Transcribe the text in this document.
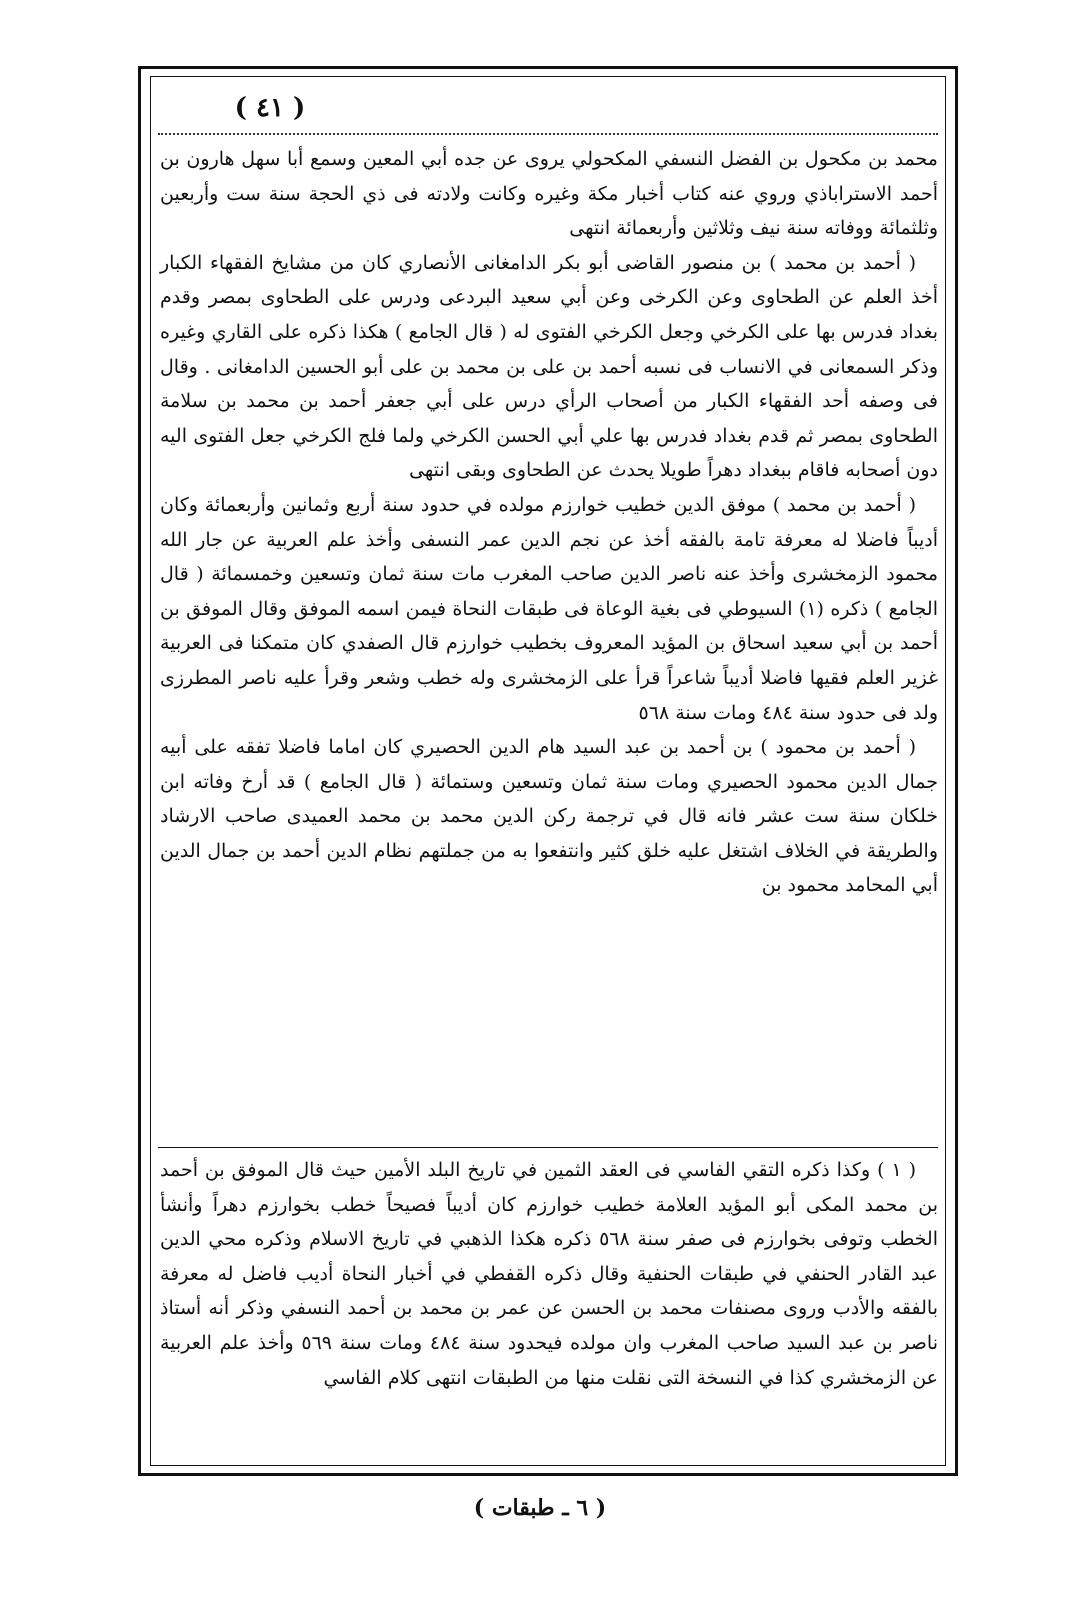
( ٤١ )

محمد بن مكحول بن الفضل النسفي المكحولي يروى عن جده أبي المعين وسمع أبا سهل هارون بن أحمد الاستراباذي وروي عنه كتاب أخبار مكة وغيره وكانت ولادته فى ذي الحجة سنة ست وأربعين وثلثمائة ووفاته سنة نيف وثلاثين وأربعمائة انتهى

( أحمد بن محمد ) بن منصور القاضى أبو بكر الدامغانى الأنصاري كان من مشايخ الفقهاء الكبار أخذ العلم عن الطحاوى وعن الكرخى وعن أبي سعيد البردعى ودرس على الطحاوى بمصر وقدم بغداد فدرس بها على الكرخي وجعل الكرخي الفتوى له ( قال الجامع ) هكذا ذكره على القاري وغيره وذكر السمعانى في الانساب فى نسبه أحمد بن على بن محمد بن على أبو الحسين الدامغانى . وقال فى وصفه أحد الفقهاء الكبار من أصحاب الرأي درس على أبي جعفر أحمد بن محمد بن سلامة الطحاوى بمصر ثم قدم بغداد فدرس بها علي أبي الحسن الكرخي ولما فلج الكرخي جعل الفتوى اليه دون أصحابه فاقام ببغداد دهراً طويلا يحدث عن الطحاوى وبقى انتهى

( أحمد بن محمد ) موفق الدين خطيب خوارزم مولده في حدود سنة أربع وثمانين وأربعمائة وكان أديباً فاضلا له معرفة تامة بالفقه أخذ عن نجم الدين عمر النسفى وأخذ علم العربية عن جار الله محمود الزمخشرى وأخذ عنه ناصر الدين صاحب المغرب مات سنة ثمان وتسعين وخمسمائة ( قال الجامع ) ذكره (١) السيوطي فى بغية الوعاة فى طبقات النحاة فيمن اسمه الموفق وقال الموفق بن أحمد بن أبي سعيد اسحاق بن المؤيد المعروف بخطيب خوارزم قال الصفدي كان متمكنا فى العربية غزير العلم فقيها فاضلا أديباً شاعراً قرأ على الزمخشرى وله خطب وشعر وقرأ عليه ناصر المطرزى ولد فى حدود سنة ٤٨٤ ومات سنة ٥٦٨

( أحمد بن محمود ) بن أحمد بن عبد السيد هام الدين الحصيري كان اماما فاضلا تفقه على أبيه جمال الدين محمود الحصيري ومات سنة ثمان وتسعين وستمائة ( قال الجامع ) قد أرخ وفاته ابن خلكان سنة ست عشر فانه قال في ترجمة ركن الدين محمد بن محمد العميدى صاحب الارشاد والطريقة في الخلاف اشتغل عليه خلق كثير وانتفعوا به من جملتهم نظام الدين أحمد بن جمال الدين أبي المحامد محمود بن

( ١ ) وكذا ذكره التقي الفاسي فى العقد الثمين في تاريخ البلد الأمين حيث قال الموفق بن أحمد بن محمد المكى أبو المؤيد العلامة خطيب خوارزم كان أديباً فصيحاً خطب بخوارزم دهراً وأنشأ الخطب وتوفى بخوارزم فى صفر سنة ٥٦٨ ذكره هكذا الذهبي في تاريخ الاسلام وذكره محي الدين عبد القادر الحنفي في طبقات الحنفية وقال ذكره القفطي في أخبار النحاة أديب فاضل له معرفة بالفقه والأدب وروى مصنفات محمد بن الحسن عن عمر بن محمد بن أحمد النسفي وذكر أنه أستاذ ناصر بن عبد السيد صاحب المغرب وان مولده فيحدود سنة ٤٨٤ ومات سنة ٥٦٩ وأخذ علم العربية عن الزمخشري كذا في النسخة التى نقلت منها من الطبقات انتهى كلام الفاسي

( ٦ ـ طبقات )
